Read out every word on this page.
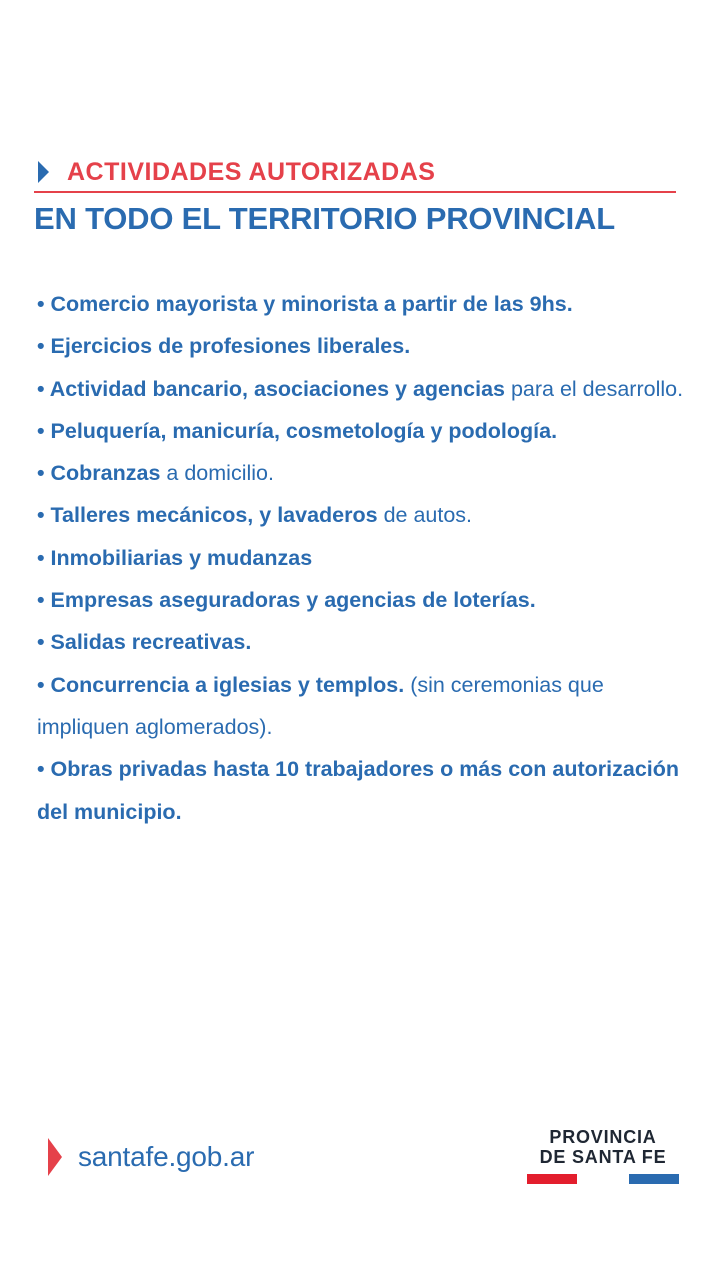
ACTIVIDADES AUTORIZADAS
EN TODO EL TERRITORIO PROVINCIAL

• Comercio mayorista y minorista a partir de las 9hs.

• Ejercicios de profesiones liberales.

• Actividad bancario, asociaciones y agencias para el desarrollo.

• Peluquería, manicuría, cosmetología y podología.

• Cobranzas a domicilio.

• Talleres mecánicos, y lavaderos de autos.

• Inmobiliarias y mudanzas

• Empresas aseguradoras y agencias de loterías.

• Salidas recreativas.

• Concurrencia a iglesias y templos. (sin ceremonias que impliquen aglomerados).

• Obras privadas hasta 10 trabajadores o más con autorización del municipio.

santafe.gob.ar
PROVINCIA
DE SANTA FE
